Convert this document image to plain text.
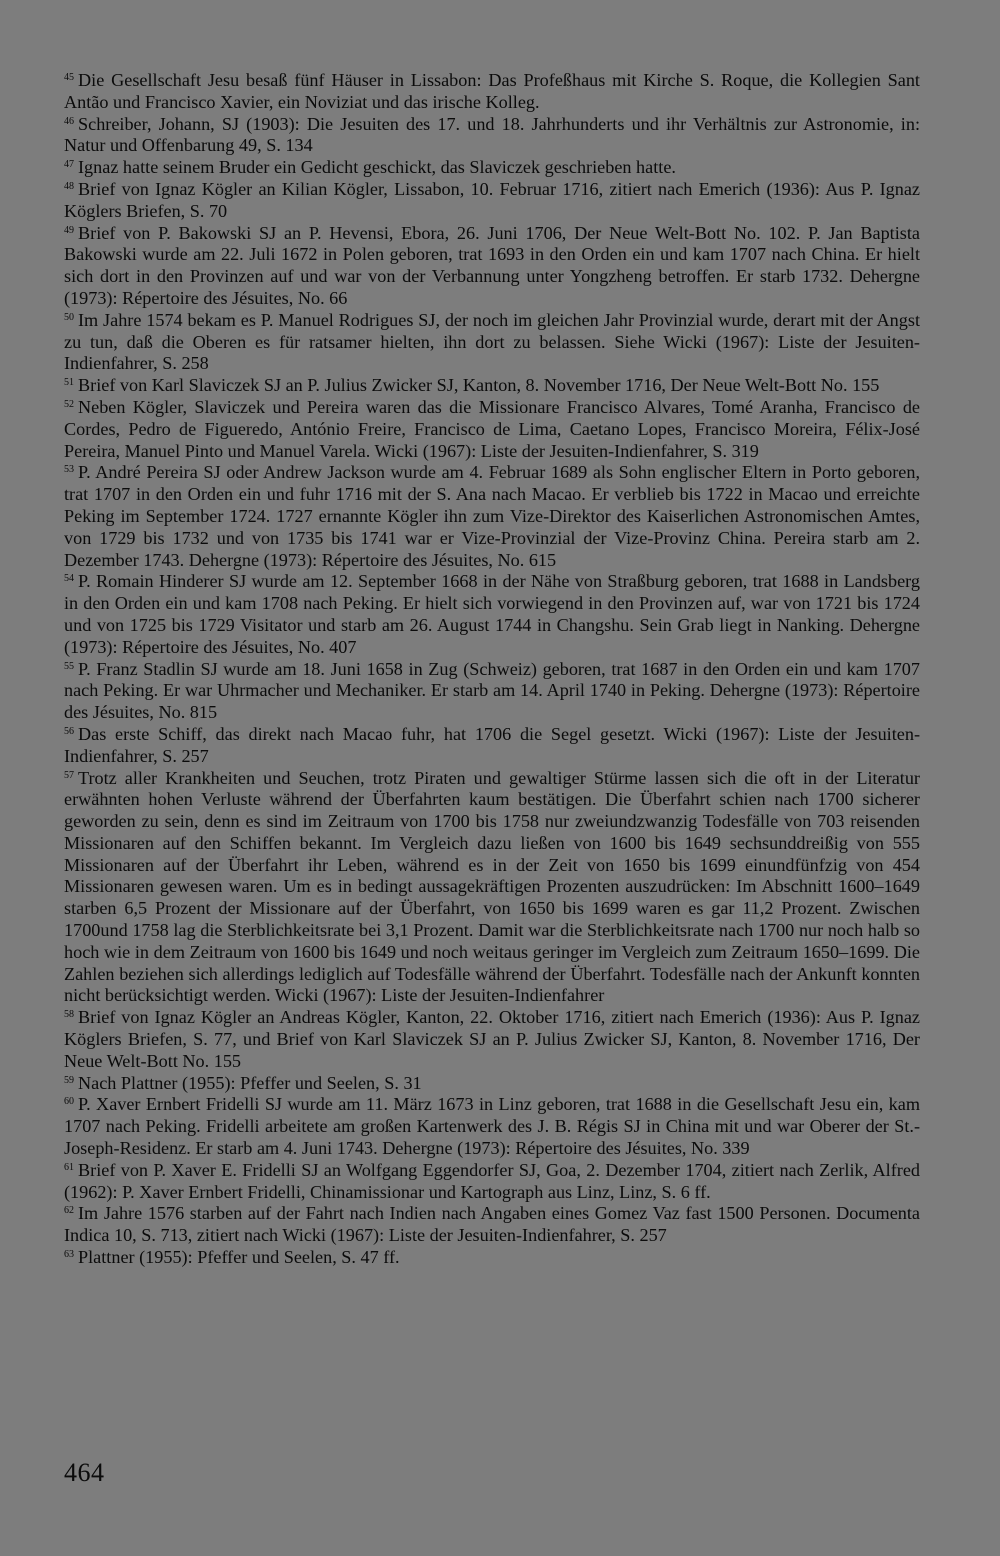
$^{45}$ Die Gesellschaft Jesu besaß fünf Häuser in Lissabon: Das Profeßhaus mit Kirche S. Roque, die Kollegien Sant Antão und Francisco Xavier, ein Noviziat und das irische Kolleg.

$^{46}$ Schreiber, Johann, SJ (1903): Die Jesuiten des 17. und 18. Jahrhunderts und ihr Verhältnis zur Astronomie, in: Natur und Offenbarung 49, S. 134

$^{47}$ Ignaz hatte seinem Bruder ein Gedicht geschickt, das Slaviczek geschrieben hatte.

$^{48}$ Brief von Ignaz Kögler an Kilian Kögler, Lissabon, 10. Februar 1716, zitiert nach Emerich (1936): Aus P. Ignaz Köglers Briefen, S. 70

$^{49}$ Brief von P. Bakowski SJ an P. Hevensi, Ebora, 26. Juni 1706, Der Neue Welt-Bott No. 102. P. Jan Baptista Bakowski wurde am 22. Juli 1672 in Polen geboren, trat 1693 in den Orden ein und kam 1707 nach China. Er hielt sich dort in den Provinzen auf und war von der Verbannung unter Yongzheng betroffen. Er starb 1732. Dehergne (1973): Répertoire des Jésuites, No. 66

$^{50}$ Im Jahre 1574 bekam es P. Manuel Rodrigues SJ, der noch im gleichen Jahr Provinzial wurde, derart mit der Angst zu tun, daß die Oberen es für ratsamer hielten, ihn dort zu belassen. Siehe Wicki (1967): Liste der Jesuiten-Indienfahrer, S. 258

$^{51}$ Brief von Karl Slaviczek SJ an P. Julius Zwicker SJ, Kanton, 8. November 1716, Der Neue Welt-Bott No. 155

$^{52}$ Neben Kögler, Slaviczek und Pereira waren das die Missionare Francisco Alvares, Tomé Aranha, Francisco de Cordes, Pedro de Figueredo, António Freire, Francisco de Lima, Caetano Lopes, Francisco Moreira, Félix-José Pereira, Manuel Pinto und Manuel Varela. Wicki (1967): Liste der Jesuiten-Indienfahrer, S. 319

$^{53}$ P. André Pereira SJ oder Andrew Jackson wurde am 4. Februar 1689 als Sohn englischer Eltern in Porto geboren, trat 1707 in den Orden ein und fuhr 1716 mit der S. Ana nach Macao. Er verblieb bis 1722 in Macao und erreichte Peking im September 1724. 1727 ernannte Kögler ihn zum Vize-Direktor des Kaiserlichen Astronomischen Amtes, von 1729 bis 1732 und von 1735 bis 1741 war er Vize-Provinzial der Vize-Provinz China. Pereira starb am 2. Dezember 1743. Dehergne (1973): Répertoire des Jésuites, No. 615

$^{54}$ P. Romain Hinderer SJ wurde am 12. September 1668 in der Nähe von Straßburg geboren, trat 1688 in Landsberg in den Orden ein und kam 1708 nach Peking. Er hielt sich vorwiegend in den Provinzen auf, war von 1721 bis 1724 und von 1725 bis 1729 Visitator und starb am 26. August 1744 in Changshu. Sein Grab liegt in Nanking. Dehergne (1973): Répertoire des Jésuites, No. 407

$^{55}$ P. Franz Stadlin SJ wurde am 18. Juni 1658 in Zug (Schweiz) geboren, trat 1687 in den Orden ein und kam 1707 nach Peking. Er war Uhrmacher und Mechaniker. Er starb am 14. April 1740 in Peking. Dehergne (1973): Répertoire des Jésuites, No. 815

$^{56}$ Das erste Schiff, das direkt nach Macao fuhr, hat 1706 die Segel gesetzt. Wicki (1967): Liste der Jesuiten-Indienfahrer, S. 257

$^{57}$ Trotz aller Krankheiten und Seuchen, trotz Piraten und gewaltiger Stürme lassen sich die oft in der Literatur erwähnten hohen Verluste während der Überfahrten kaum bestätigen. Die Überfahrt schien nach 1700 sicherer geworden zu sein, denn es sind im Zeitraum von 1700 bis 1758 nur zweiundzwanzig Todesfälle von 703 reisenden Missionaren auf den Schiffen bekannt. Im Vergleich dazu ließen von 1600 bis 1649 sechsunddreißig von 555 Missionaren auf der Überfahrt ihr Leben, während es in der Zeit von 1650 bis 1699 einundfünfzig von 454 Missionaren gewesen waren. Um es in bedingt aussagekräftigen Prozenten auszudrücken: Im Abschnitt 1600–1649 starben 6,5 Prozent der Missionare auf der Überfahrt, von 1650 bis 1699 waren es gar 11,2 Prozent. Zwischen 1700und 1758 lag die Sterblichkeitsrate bei 3,1 Prozent. Damit war die Sterblichkeitsrate nach 1700 nur noch halb so hoch wie in dem Zeitraum von 1600 bis 1649 und noch weitaus geringer im Vergleich zum Zeitraum 1650–1699. Die Zahlen beziehen sich allerdings lediglich auf Todesfälle während der Überfahrt. Todesfälle nach der Ankunft konnten nicht berücksichtigt werden. Wicki (1967): Liste der Jesuiten-Indienfahrer

$^{58}$ Brief von Ignaz Kögler an Andreas Kögler, Kanton, 22. Oktober 1716, zitiert nach Emerich (1936): Aus P. Ignaz Köglers Briefen, S. 77, und Brief von Karl Slaviczek SJ an P. Julius Zwicker SJ, Kanton, 8. November 1716, Der Neue Welt-Bott No. 155

$^{59}$ Nach Plattner (1955): Pfeffer und Seelen, S. 31

$^{60}$ P. Xaver Ernbert Fridelli SJ wurde am 11. März 1673 in Linz geboren, trat 1688 in die Gesellschaft Jesu ein, kam 1707 nach Peking. Fridelli arbeitete am großen Kartenwerk des J. B. Régis SJ in China mit und war Oberer der St.-Joseph-Residenz. Er starb am 4. Juni 1743. Dehergne (1973): Répertoire des Jésuites, No. 339

$^{61}$ Brief von P. Xaver E. Fridelli SJ an Wolfgang Eggendorfer SJ, Goa, 2. Dezember 1704, zitiert nach Zerlik, Alfred (1962): P. Xaver Ernbert Fridelli, Chinamissionar und Kartograph aus Linz, Linz, S. 6 ff.

$^{62}$ Im Jahre 1576 starben auf der Fahrt nach Indien nach Angaben eines Gomez Vaz fast 1500 Personen. Documenta Indica 10, S. 713, zitiert nach Wicki (1967): Liste der Jesuiten-Indienfahrer, S. 257

$^{63}$ Plattner (1955): Pfeffer und Seelen, S. 47 ff.

464
